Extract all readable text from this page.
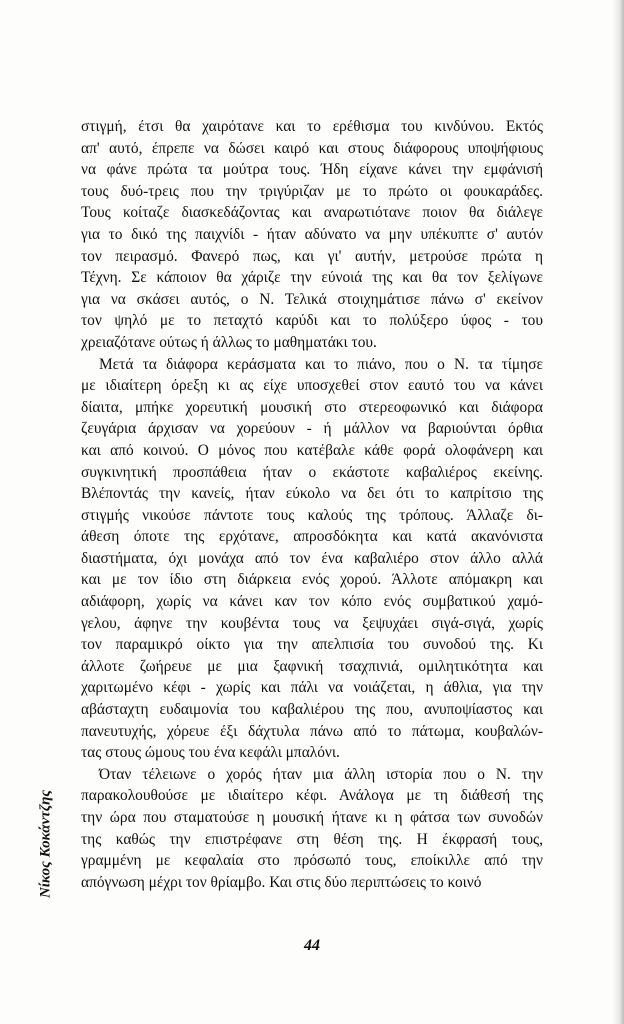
στιγμή, έτσι θα χαιρότανε και το ερέθισμα του κινδύνου. Εκτός
απ' αυτό, έπρεπε να δώσει καιρό και στους διάφορους υποψήφιους
να φάνε πρώτα τα μούτρα τους. Ήδη είχανε κάνει την εμφάνισή
τους δυό-τρεις που την τριγύριζαν με το πρώτο οι φουκαράδες.
Τους κοίταζε διασκεδάζοντας και αναρωτιότανε ποιον θα διάλεγε
για το δικό της παιχνίδι - ήταν αδύνατο να μην υπέκυπτε σ' αυτόν
τον πειρασμό. Φανερό πως, και γι' αυτήν, μετρούσε πρώτα η
Τέχνη. Σε κάποιον θα χάριζε την εύνοιά της και θα τον ξελίγωνε
για να σκάσει αυτός, ο Ν. Τελικά στοιχημάτισε πάνω σ' εκείνον
τον ψηλό με το πεταχτό καρύδι και το πολύξερο ύφος - του
χρειαζότανε ούτως ή άλλως το μαθηματάκι του.

Μετά τα διάφορα κεράσματα και το πιάνο, που ο Ν. τα τίμησε
με ιδιαίτερη όρεξη κι ας είχε υποσχεθεί στον εαυτό του να κάνει
δίαιτα, μπήκε χορευτική μουσική στο στερεοφωνικό και διάφορα
ζευγάρια άρχισαν να χορεύουν - ή μάλλον να βαριούνται όρθια
και από κοινού. Ο μόνος που κατέβαλε κάθε φορά ολοφάνερη και
συγκινητική προσπάθεια ήταν ο εκάστοτε καβαλιέρος εκείνης.
Βλέποντάς την κανείς, ήταν εύκολο να δει ότι το καπρίτσιο της
στιγμής νικούσε πάντοτε τους καλούς της τρόπους. Άλλαζε δι-
άθεση όποτε της ερχότανε, απροσδόκητα και κατά ακανόνιστα
διαστήματα, όχι μονάχα από τον ένα καβαλιέρο στον άλλο αλλά
και με τον ίδιο στη διάρκεια ενός χορού. Άλλοτε απόμακρη και
αδιάφορη, χωρίς να κάνει καν τον κόπο ενός συμβατικού χαμό-
γελου, άφηνε την κουβέντα τους να ξεψυχάει σιγά-σιγά, χωρίς
τον παραμικρό οίκτο για την απελπισία του συνοδού της. Κι
άλλοτε ζωήρευε με μια ξαφνική τσαχπινιά, ομιλητικότητα και
χαριτωμένο κέφι - χωρίς και πάλι να νοιάζεται, η άθλια, για την
αβάσταχτη ευδαιμονία του καβαλιέρου της που, ανυποψίαστος και
πανευτυχής, χόρευε έξι δάχτυλα πάνω από το πάτωμα, κουβαλών-
τας στους ώμους του ένα κεφάλι μπαλόνι.

Όταν τέλειωνε ο χορός ήταν μια άλλη ιστορία που ο Ν. την
παρακολουθούσε με ιδιαίτερο κέφι. Ανάλογα με τη διάθεσή της
την ώρα που σταματούσε η μουσική ήτανε κι η φάτσα των συνοδών
της καθώς την επιστρέφανε στη θέση της. Η έκφρασή τους,
γραμμένη με κεφαλαία στο πρόσωπό τους, εποίκιλλε από την
απόγνωση μέχρι τον θρίαμβο. Και στις δύο περιπτώσεις το κοινό

Νίκος Κοκάντζης
44
